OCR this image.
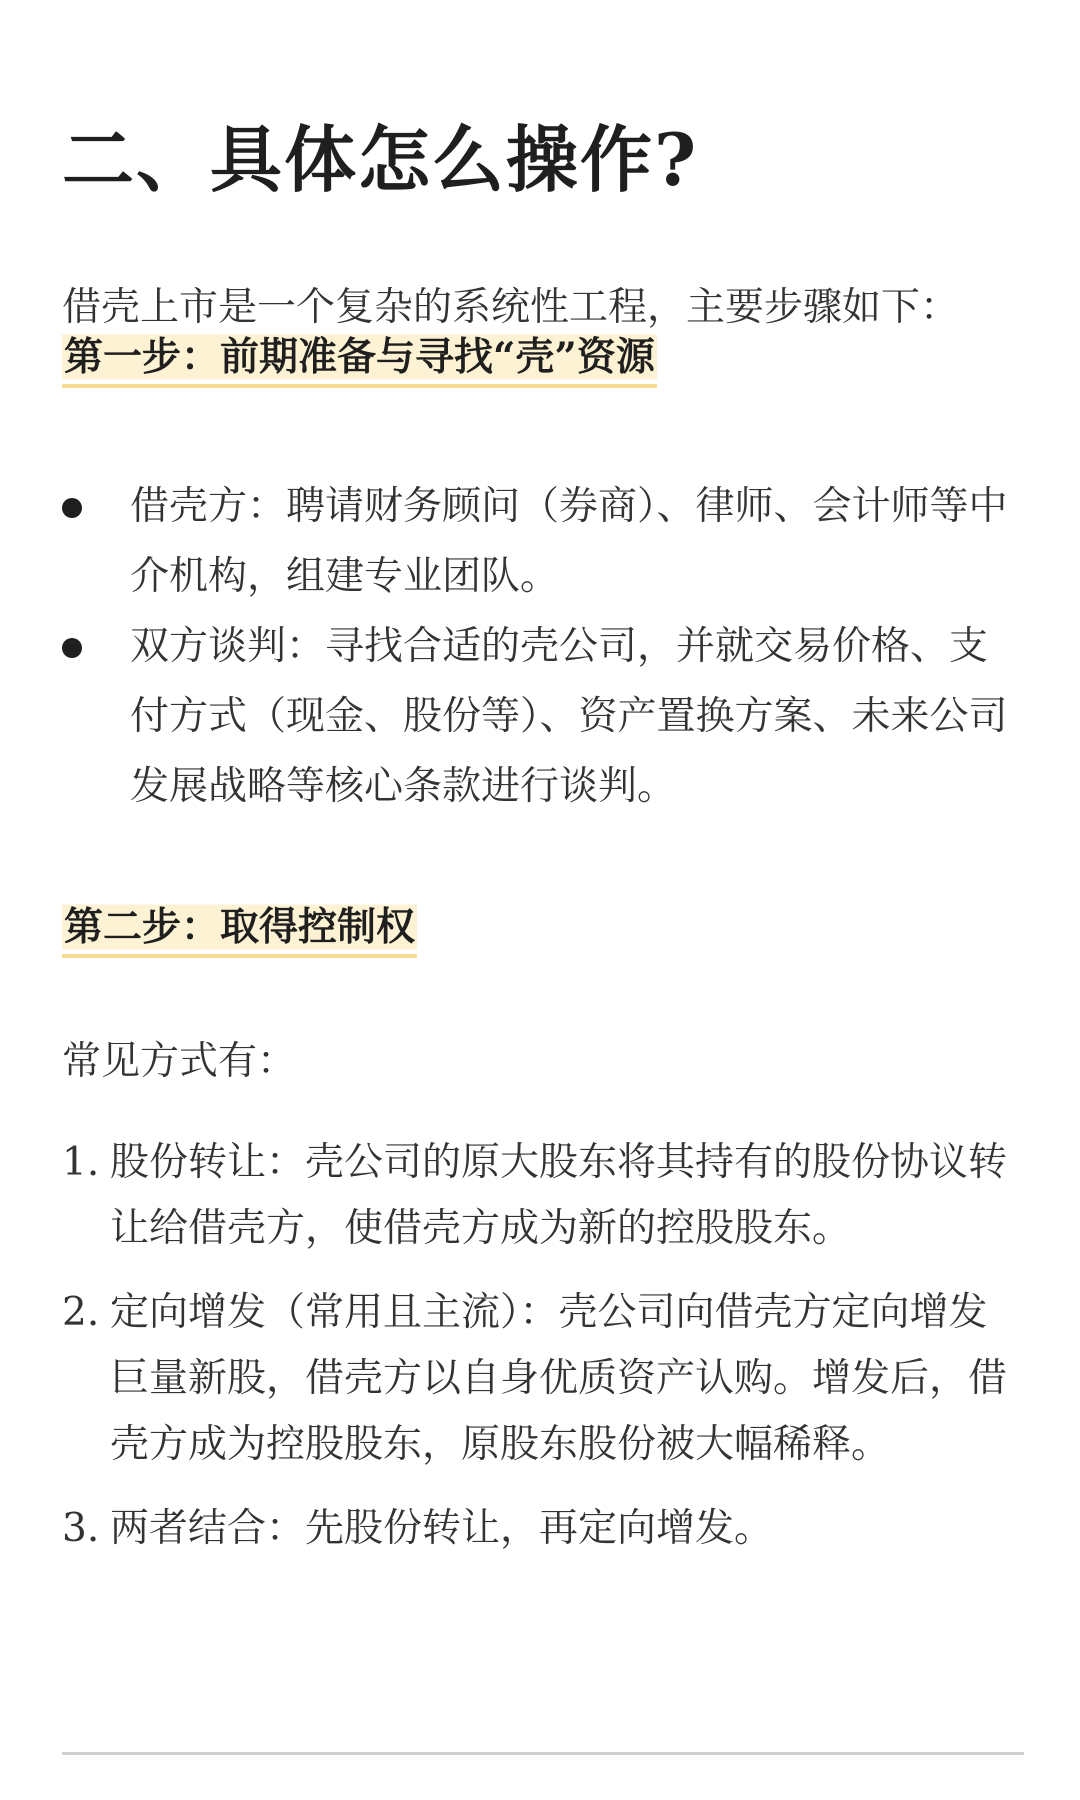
二、具体怎么操作?

借壳上市是一个复杂的系统性工程，主要步骤如下：

第一步：前期准备与寻找“壳”资源
借壳方：聘请财务顾问（券商）、律师、会计师等中介机构，组建专业团队。
双方谈判：寻找合适的壳公司，并就交易价格、支付方式（现金、股份等）、资产置换方案、未来公司发展战略等核心条款进行谈判。
第二步：取得控制权

常见方式有：

1. 股份转让：壳公司的原大股东将其持有的股份协议转让给借壳方，使借壳方成为新的控股股东。
2. 定向增发（常用且主流）：壳公司向借壳方定向增发巨量新股，借壳方以自身优质资产认购。增发后，借壳方成为控股股东，原股东股份被大幅稀释。
3. 两者结合：先股份转让，再定向增发。
